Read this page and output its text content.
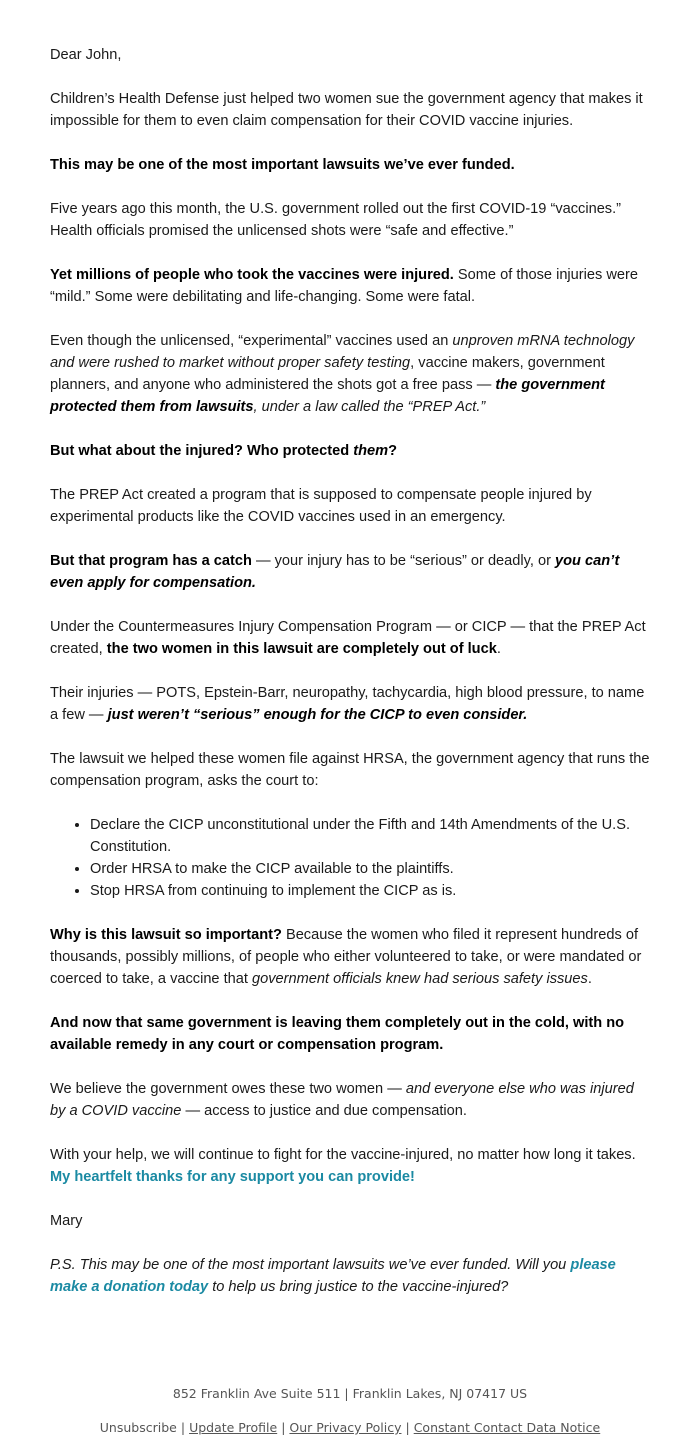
Dear John,

Children’s Health Defense just helped two women sue the government agency that makes it impossible for them to even claim compensation for their COVID vaccine injuries.

This may be one of the most important lawsuits we’ve ever funded.

Five years ago this month, the U.S. government rolled out the first COVID-19 “vaccines.” Health officials promised the unlicensed shots were “safe and effective.”

Yet millions of people who took the vaccines were injured. Some of those injuries were “mild.” Some were debilitating and life-changing. Some were fatal.

Even though the unlicensed, “experimental” vaccines used an unproven mRNA technology and were rushed to market without proper safety testing, vaccine makers, government planners, and anyone who administered the shots got a free pass — the government protected them from lawsuits, under a law called the “PREP Act.”

But what about the injured? Who protected them?

The PREP Act created a program that is supposed to compensate people injured by experimental products like the COVID vaccines used in an emergency.

But that program has a catch — your injury has to be “serious” or deadly, or you can’t even apply for compensation.

Under the Countermeasures Injury Compensation Program — or CICP — that the PREP Act created, the two women in this lawsuit are completely out of luck.

Their injuries — POTS, Epstein-Barr, neuropathy, tachycardia, high blood pressure, to name a few — just weren’t “serious” enough for the CICP to even consider.

The lawsuit we helped these women file against HRSA, the government agency that runs the compensation program, asks the court to:

• Declare the CICP unconstitutional under the Fifth and 14th Amendments of the U.S. Constitution.
• Order HRSA to make the CICP available to the plaintiffs.
• Stop HRSA from continuing to implement the CICP as is.

Why is this lawsuit so important? Because the women who filed it represent hundreds of thousands, possibly millions, of people who either volunteered to take, or were mandated or coerced to take, a vaccine that government officials knew had serious safety issues.

And now that same government is leaving them completely out in the cold, with no available remedy in any court or compensation program.

We believe the government owes these two women — and everyone else who was injured by a COVID vaccine — access to justice and due compensation.

With your help, we will continue to fight for the vaccine-injured, no matter how long it takes. My heartfelt thanks for any support you can provide!

Mary

P.S. This may be one of the most important lawsuits we’ve ever funded. Will you please make a donation today to help us bring justice to the vaccine-injured?

852 Franklin Ave Suite 511 | Franklin Lakes, NJ 07417 US
Unsubscribe | Update Profile | Our Privacy Policy | Constant Contact Data Notice
